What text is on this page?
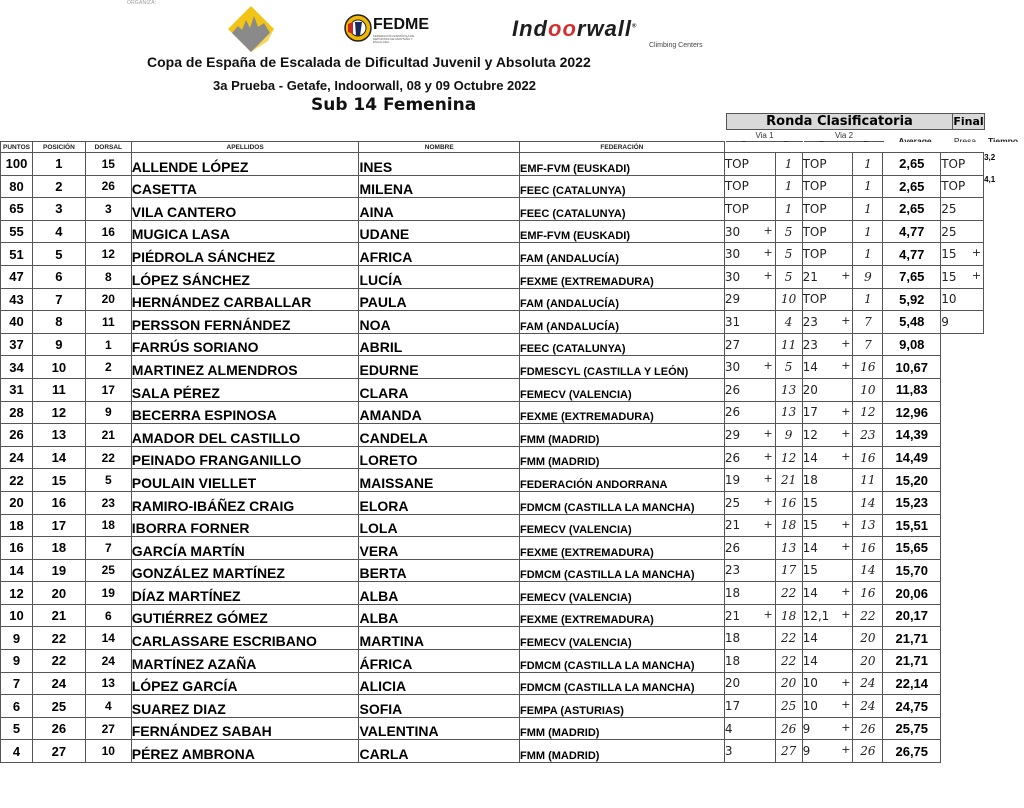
ORGANIZA:
FEDME
FEDERACIÓN ESPAÑOLA DE DEPORTES DE MONTAÑA Y ESCALADA
Indoorwall®
Climbing Centers
Copa de España de Escalada de Dificultad Juvenil y Absoluta 2022
3a Prueba - Getafe, Indoorwall, 08 y 09 Octubre 2022
Sub 14 Femenina
Ronda Clasificatoria	Final
Via 1	Via 2
PUNTOS	POSICIÓN	DORSAL	APELLIDOS	NOMBRE	FEDERACIÓN							
100	1	15	ALLENDE LÓPEZ	INES	EMF-FVM (EUSKADI)	TOP	1	TOP	1	2,65	TOP	3,2
80	2	26	CASETTA	MILENA	FEEC (CATALUNYA)	TOP	1	TOP	1	2,65	TOP	4,1
65	3	3	VILA CANTERO	AINA	FEEC (CATALUNYA)	TOP	1	TOP	1	2,65	25

55	4	16	MUGICA LASA	UDANE	EMF-FVM (EUSKADI)	30 +	5	TOP	1	4,77	25

51	5	12	PIÉDROLA SÁNCHEZ	AFRICA	FAM (ANDALUCÍA)	30 +	5	TOP	1	4,77	15 +	

47	6	8	LÓPEZ SÁNCHEZ	LUCÍA	FEXME (EXTREMADURA)	30 +	5	21 +	9	7,65	15 +	

43	7	20	HERNÁNDEZ CARBALLAR	PAULA	FAM (ANDALUCÍA)	29	10	TOP	1	5,92	10

40	8	11	PERSSON FERNÁNDEZ	NOA	FAM (ANDALUCÍA)	31	4	23 +	7	5,48	9

37	9	1	FARRÚS SORIANO	ABRIL	FEEC (CATALUNYA)	27	11	23 +	7	9,08		
34	10	2	MARTINEZ ALMENDROS	EDURNE	FDMESCYL (CASTILLA Y LEÓN)	30 +	5	14 +	16	10,67		
31	11	17	SALA PÉREZ	CLARA	FEMECV (VALENCIA)	26	13	20	10	11,83		
28	12	9	BECERRA ESPINOSA	AMANDA	FEXME (EXTREMADURA)	26	13	17 +	12	12,96		
26	13	21	AMADOR DEL CASTILLO	CANDELA	FMM (MADRID)	29 +	9	12 +	23	14,39		
24	14	22	PEINADO FRANGANILLO	LORETO	FMM (MADRID)	26 +	12	14 +	16	14,49		
22	15	5	POULAIN VIELLET	MAISSANE	FEDERACIÓN ANDORRANA	19 +	21	18	11	15,20		
20	16	23	RAMIRO-IBÁÑEZ CRAIG	ELORA	FDMCM (CASTILLA LA MANCHA)	25 +	16	15	14	15,23		
18	17	18	IBORRA FORNER	LOLA	FEMECV (VALENCIA)	21 +	18	15 +	13	15,51		
16	18	7	GARCÍA MARTÍN	VERA	FEXME (EXTREMADURA)	26	13	14 +	16	15,65		
14	19	25	GONZÁLEZ MARTÍNEZ	BERTA	FDMCM (CASTILLA LA MANCHA)	23	17	15	14	15,70		
12	20	19	DÍAZ MARTÍNEZ	ALBA	FEMECV (VALENCIA)	18	22	14 +	16	20,06		
10	21	6	GUTIÉRREZ GÓMEZ	ALBA	FEXME (EXTREMADURA)	21 +	18	12,1 +	22	20,17		
9	22	14	CARLASSARE ESCRIBANO	MARTINA	FEMECV (VALENCIA)	18	22	14	20	21,71		
9	22	24	MARTÍNEZ AZAÑA	ÁFRICA	FDMCM (CASTILLA LA MANCHA)	18	22	14	20	21,71		
7	24	13	LÓPEZ GARCÍA	ALICIA	FDMCM (CASTILLA LA MANCHA)	20	20	10 +	24	22,14		
6	25	4	SUAREZ DIAZ	SOFIA	FEMPA (ASTURIAS)	17	25	10 +	24	24,75		
5	26	27	FERNÁNDEZ SABAH	VALENTINA	FMM (MADRID)	4	26	9 +	26	25,75		
4	27	10	PÉREZ AMBRONA	CARLA	FMM (MADRID)	3	27	9 +	26	26,75		
